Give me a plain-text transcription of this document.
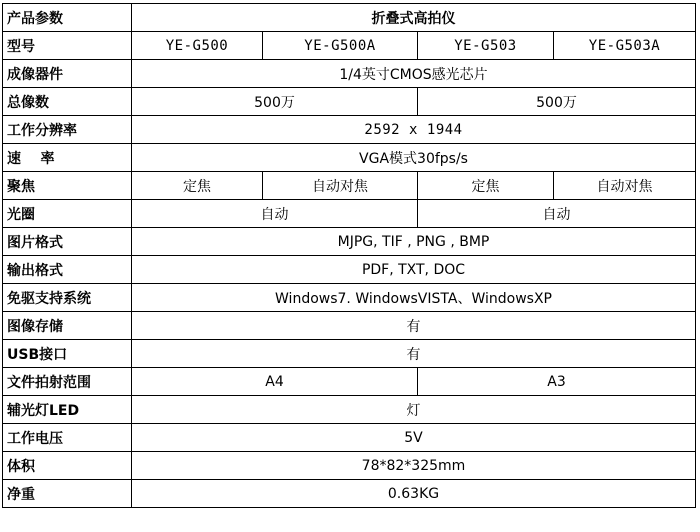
产品参数	折叠式高拍仪			
型号	YE-G500	YE-G500A	YE-G503	YE-G503A
成像器件	1/4英寸CMOS感光芯片			
总像数	500万		500万	
工作分辨率	2592 x 1944			
速    率	VGA模式30fps/s			
聚焦	定焦	自动对焦	定焦	自动对焦
光圈	自动		自动	
图片格式	MJPG, TIF , PNG , BMP			
输出格式	PDF, TXT, DOC			
免驱支持系统	Windows7. WindowsVISTA、WindowsXP			
图像存储	有			
USB接口	有			
文件拍射范围	A4		A3	
辅光灯LED	灯			
工作电压	5V			
体积	78*82*325mm			
净重	0.63KG			
